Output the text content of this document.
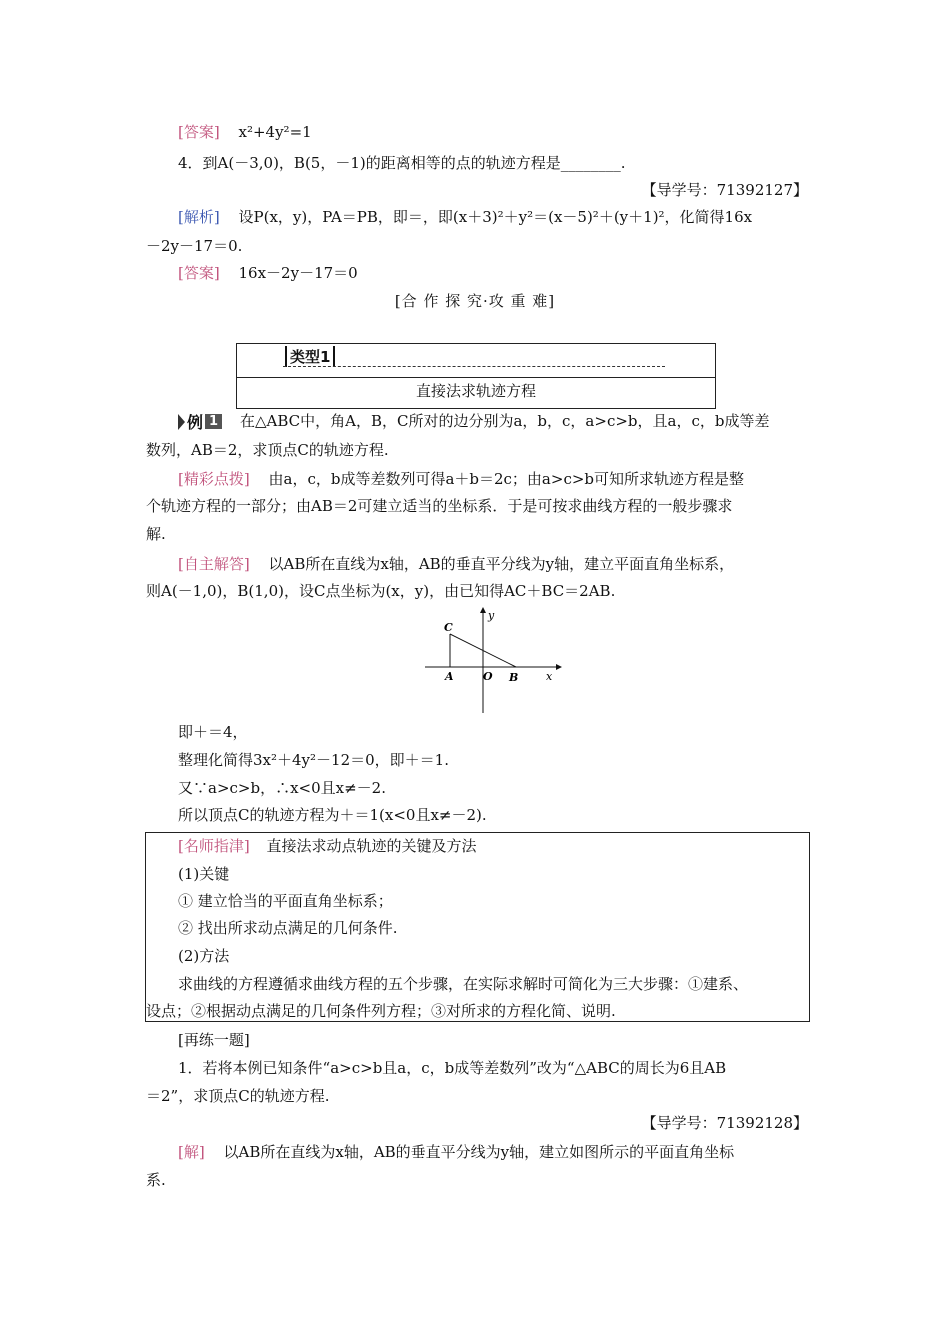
[答案] x²+4y²=1
4．到A(－3,0)，B(5，－1)的距离相等的点的轨迹方程是________.
【导学号：71392127】
[解析] 设P(x，y)，PA＝PB，即＝，即(x＋3)²＋y²＝(x－5)²＋(y＋1)²，化简得16x
－2y－17＝0.
[答案] 16x－2y－17＝0
[合 作 探 究·攻 重 难]
类型1
直接法求轨迹方程
例 1 在△ABC中，角A，B，C所对的边分别为a，b，c，a>c>b，且a，c，b成等差
数列，AB＝2，求顶点C的轨迹方程.
[精彩点拨] 由a，c，b成等差数列可得a＋b＝2c；由a>c>b可知所求轨迹方程是整
个轨迹方程的一部分；由AB＝2可建立适当的坐标系．于是可按求曲线方程的一般步骤求
解.
[自主解答] 以AB所在直线为x轴，AB的垂直平分线为y轴，建立平面直角坐标系，
则A(－1,0)，B(1,0)，设C点坐标为(x，y)，由已知得AC＋BC＝2AB.
C
y
A	O B	x
即＋＝4，
整理化简得3x²＋4y²－12＝0，即＋＝1.
又∵a>c>b，∴x<0且x≠－2.
所以顶点C的轨迹方程为＋＝1(x<0且x≠－2).
[名师指津] 直接法求动点轨迹的关键及方法
(1)关键
① 建立恰当的平面直角坐标系；
② 找出所求动点满足的几何条件.
(2)方法
求曲线的方程遵循求曲线方程的五个步骤，在实际求解时可简化为三大步骤：①建系、
设点；②根据动点满足的几何条件列方程；③对所求的方程化简、说明.
[再练一题]
1．若将本例已知条件“a>c>b且a，c，b成等差数列”改为“△ABC的周长为6且AB
＝2”，求顶点C的轨迹方程.
【导学号：71392128】
[解] 以AB所在直线为x轴，AB的垂直平分线为y轴，建立如图所示的平面直角坐标
系.
